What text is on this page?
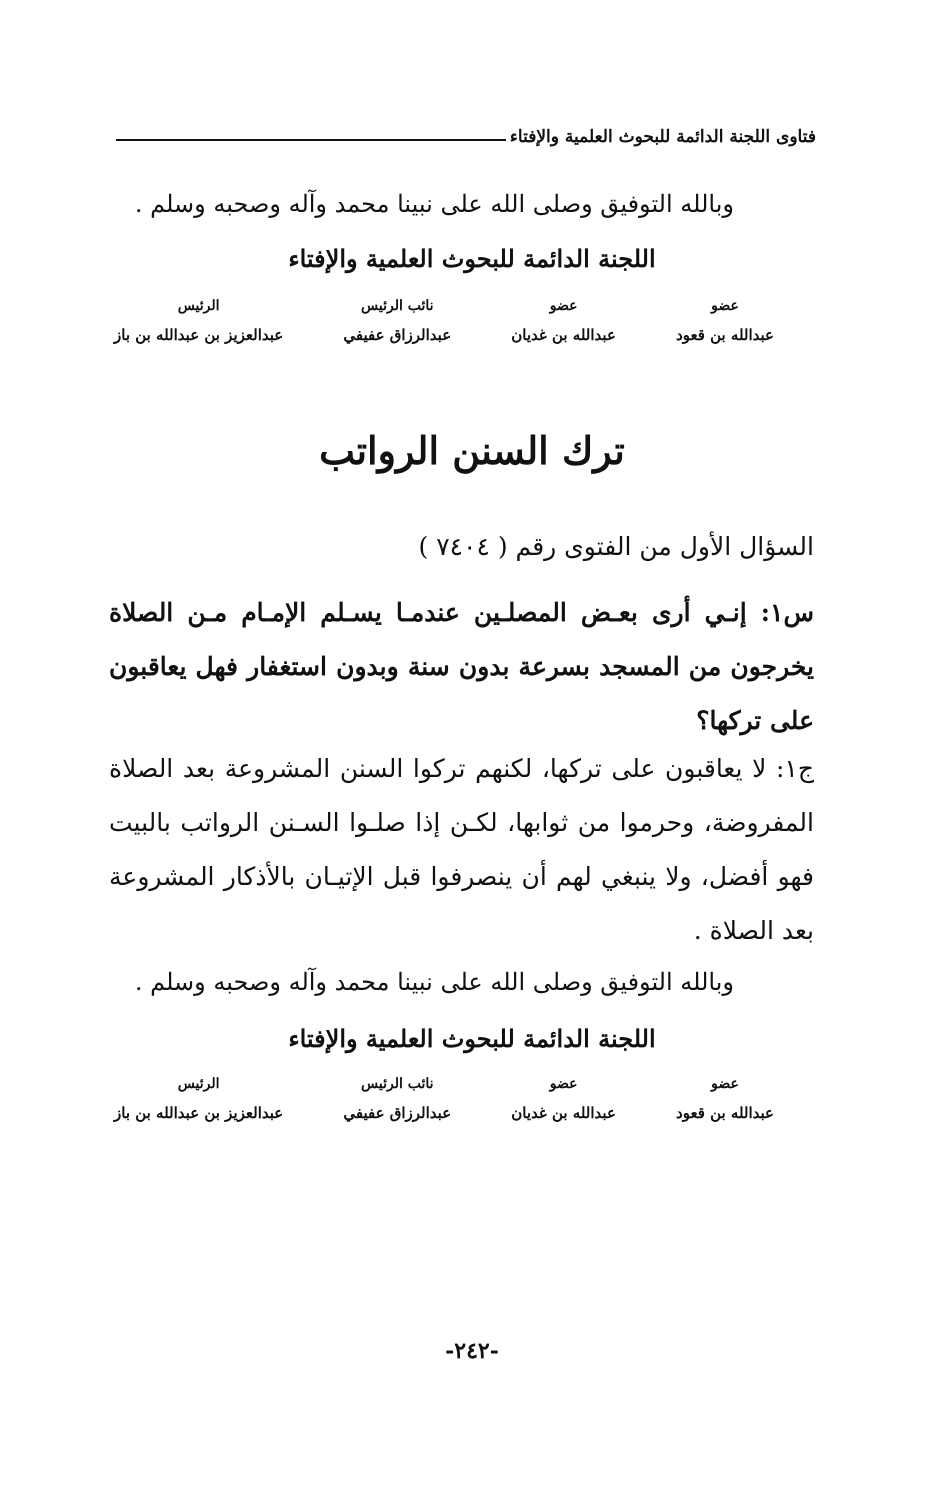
فتاوى اللجنة الدائمة للبحوث العلمية والإفتاء
وبالله التوفيق وصلى الله على نبينا محمد وآله وصحبه وسلم .
اللجنة الدائمة للبحوث العلمية والإفتاء
عضو
عبدالله بن قعود
عضو
عبدالله بن غديان
نائب الرئيس
عبدالرزاق عفيفي
الرئيس
عبدالعزيز بن عبدالله بن باز
ترك السنن الرواتب
السؤال الأول من الفتوى رقم ( ٧٤٠٤ )
س١: إنـي أرى بعـض المصلـين عندمـا يسـلم الإمـام مـن الصلاة يخرجون من المسجد بسرعة بدون سنة وبدون استغفار فهل يعاقبون على تركها؟
ج١: لا يعاقبون على تركها، لكنهم تركوا السنن المشروعة بعد الصلاة المفروضة، وحرموا من ثوابها، لكـن إذا صلـوا السـنن الرواتب بالبيت فهو أفضل، ولا ينبغي لهم أن ينصرفوا قبل الإتيـان بالأذكار المشروعة بعد الصلاة .
وبالله التوفيق وصلى الله على نبينا محمد وآله وصحبه وسلم .
اللجنة الدائمة للبحوث العلمية والإفتاء
عضو
عبدالله بن قعود
عضو
عبدالله بن غديان
نائب الرئيس
عبدالرزاق عفيفي
الرئيس
عبدالعزيز بن عبدالله بن باز
-٢٤٢-
